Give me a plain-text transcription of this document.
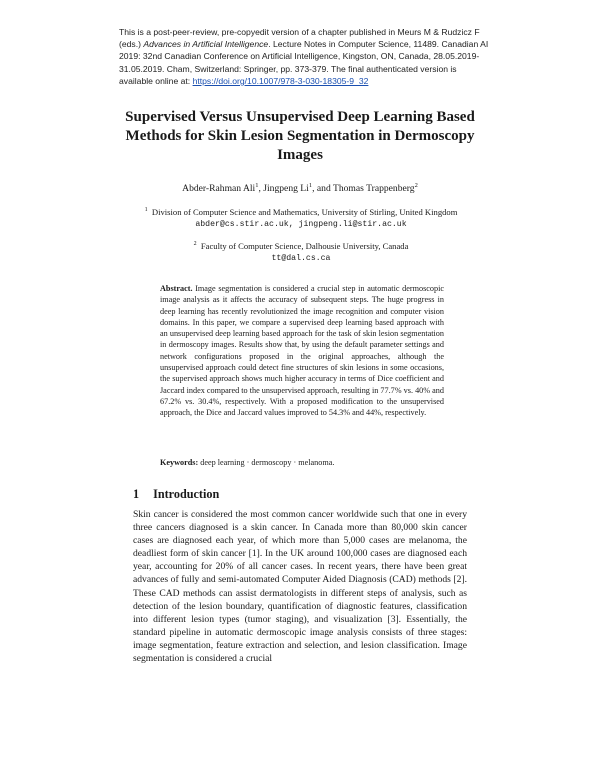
This is a post-peer-review, pre-copyedit version of a chapter published in Meurs M & Rudzicz F (eds.) Advances in Artificial Intelligence. Lecture Notes in Computer Science, 11489. Canadian AI 2019: 32nd Canadian Conference on Artificial Intelligence, Kingston, ON, Canada, 28.05.2019-31.05.2019. Cham, Switzerland: Springer, pp. 373-379. The final authenticated version is available online at: https://doi.org/10.1007/978-3-030-18305-9_32
Supervised Versus Unsupervised Deep Learning Based Methods for Skin Lesion Segmentation in Dermoscopy Images
Abder-Rahman Ali$^1$, Jingpeng Li$^1$, and Thomas Trappenberg$^2$
$^1$ Division of Computer Science and Mathematics, University of Stirling, United Kingdom
abder@cs.stir.ac.uk, jingpeng.li@stir.ac.uk
$^2$ Faculty of Computer Science, Dalhousie University, Canada
tt@dal.cs.ca
Abstract. Image segmentation is considered a crucial step in automatic dermoscopic image analysis as it affects the accuracy of subsequent steps. The huge progress in deep learning has recently revolutionized the image recognition and computer vision domains. In this paper, we compare a supervised deep learning based approach with an unsupervised deep learning based approach for the task of skin lesion segmentation in dermoscopy images. Results show that, by using the default parameter settings and network configurations proposed in the original approaches, although the unsupervised approach could detect fine structures of skin lesions in some occasions, the supervised approach shows much higher accuracy in terms of Dice coefficient and Jaccard index compared to the unsupervised approach, resulting in 77.7% vs. 40% and 67.2% vs. 30.4%, respectively. With a proposed modification to the unsupervised approach, the Dice and Jaccard values improved to 54.3% and 44%, respectively.
Keywords: deep learning · dermoscopy · melanoma.
1 Introduction
Skin cancer is considered the most common cancer worldwide such that one in every three cancers diagnosed is a skin cancer. In Canada more than 80,000 skin cancer cases are diagnosed each year, of which more than 5,000 cases are melanoma, the deadliest form of skin cancer [1]. In the UK around 100,000 cases are diagnosed each year, accounting for 20% of all cancer cases. In recent years, there have been great advances of fully and semi-automated Computer Aided Diagnosis (CAD) methods [2]. These CAD methods can assist dermatologists in different steps of analysis, such as detection of the lesion boundary, quantification of diagnostic features, classification into different lesion types (tumor staging), and visualization [3]. Essentially, the standard pipeline in automatic dermoscopic image analysis consists of three stages: image segmentation, feature extraction and selection, and lesion classification. Image segmentation is considered a crucial
